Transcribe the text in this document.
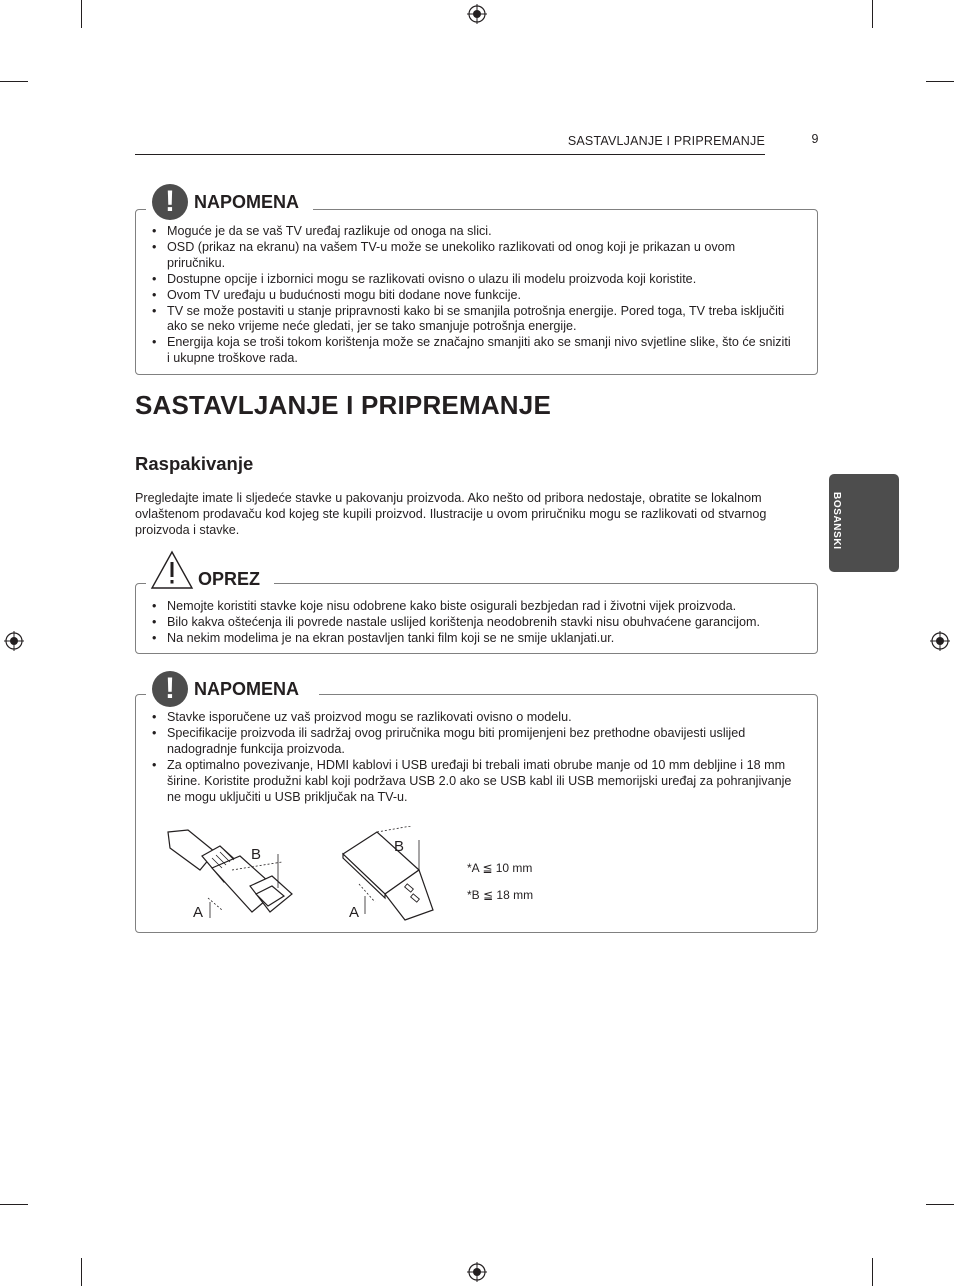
SASTAVLJANJE I PRIPREMANJE	9
BOSANSKI
• Moguće je da se vaš TV uređaj razlikuje od onoga na slici.
• OSD (prikaz na ekranu) na vašem TV-u može se unekoliko razlikovati od onog koji je prikazan u ovom priručniku.
• Dostupne opcije i izbornici mogu se razlikovati ovisno o ulazu ili modelu proizvoda koji koristite.
• Ovom TV uređaju u budućnosti mogu biti dodane nove funkcije.
• TV se može postaviti u stanje pripravnosti kako bi se smanjila potrošnja energije. Pored toga, TV treba isključiti ako se neko vrijeme neće gledati, jer se tako smanjuje potrošnja energije.
• Energija koja se troši tokom korištenja može se značajno smanjiti ako se smanji nivo svjetline slike, što će sniziti i ukupne troškove rada.
!	NAPOMENA
SASTAVLJANJE I PRIPREMANJE
Raspakivanje
Pregledajte imate li sljedeće stavke u pakovanju proizvoda. Ako nešto od pribora nedostaje, obratite se lokalnom ovlaštenom prodavaču kod kojeg ste kupili proizvod. Ilustracije u ovom priručniku mogu se razlikovati od stvarnog proizvoda i stavke.
• Nemojte koristiti stavke koje nisu odobrene kako biste osigurali bezbjedan rad i životni vijek proizvoda.
• Bilo kakva oštećenja ili povrede nastale uslijed korištenja neodobrenih stavki nisu obuhvaćene garancijom.
• Na nekim modelima je na ekran postavljen tanki film koji se ne smije uklanjati.ur.
OPREZ
• Stavke isporučene uz vaš proizvod mogu se razlikovati ovisno o modelu.
• Specifikacije proizvoda ili sadržaj ovog priručnika mogu biti promijenjeni bez prethodne obavijesti uslijed nadogradnje funkcija proizvoda.
• Za optimalno povezivanje, HDMI kablovi i USB uređaji bi trebali imati obrube manje od 10 mm debljine i 18 mm širine. Koristite produžni kabl koji podržava USB 2.0 ako se USB kabl ili USB memorijski uređaj za pohranjivanje ne mogu uključiti u USB priključak na TV-u.
!	NAPOMENA
B
A
B
A
*A ≦ 10 mm
*B ≦ 18 mm
